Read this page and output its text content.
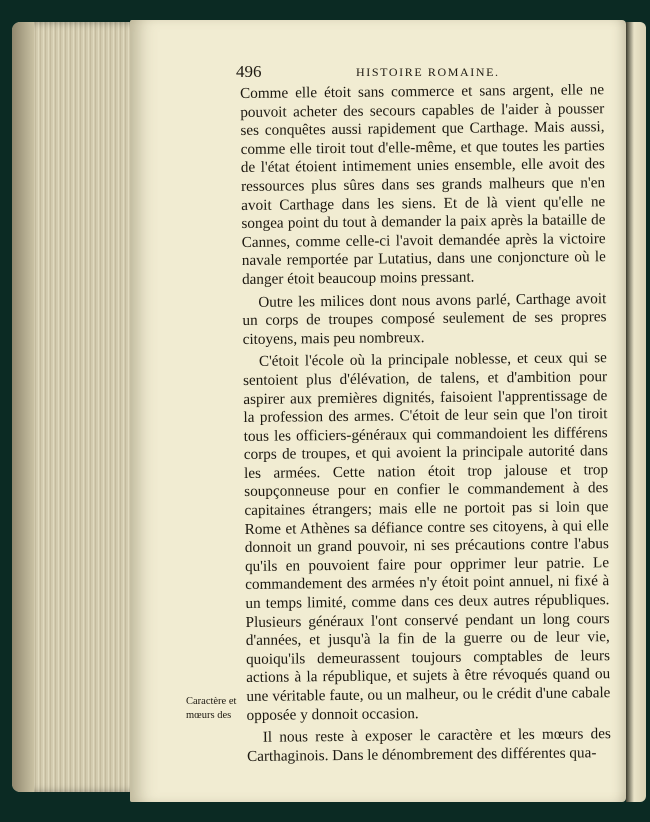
496	HISTOIRE ROMAINE.

Comme elle étoit sans commerce et sans argent, elle ne pouvoit acheter des secours capables de l'aider à pousser ses conquêtes aussi rapidement que Carthage. Mais aussi, comme elle tiroit tout d'elle-même, et que toutes les parties de l'état étoient intimement unies ensemble, elle avoit des ressources plus sûres dans ses grands malheurs que n'en avoit Carthage dans les siens. Et de là vient qu'elle ne songea point du tout à demander la paix après la bataille de Cannes, comme celle-ci l'avoit demandée après la victoire navale remportée par Lutatius, dans une conjoncture où le danger étoit beaucoup moins pressant.

Outre les milices dont nous avons parlé, Carthage avoit un corps de troupes composé seulement de ses propres citoyens, mais peu nombreux.

C'étoit l'école où la principale noblesse, et ceux qui se sentoient plus d'élévation, de talens, et d'ambition pour aspirer aux premières dignités, faisoient l'apprentissage de la profession des armes. C'étoit de leur sein que l'on tiroit tous les officiers-généraux qui commandoient les différens corps de troupes, et qui avoient la principale autorité dans les armées. Cette nation étoit trop jalouse et trop soupçonneuse pour en confier le commandement à des capitaines étrangers; mais elle ne portoit pas si loin que Rome et Athènes sa défiance contre ses citoyens, à qui elle donnoit un grand pouvoir, ni ses précautions contre l'abus qu'ils en pouvoient faire pour opprimer leur patrie. Le commandement des armées n'y étoit point annuel, ni fixé à un temps limité, comme dans ces deux autres républiques. Plusieurs généraux l'ont conservé pendant un long cours d'années, et jusqu'à la fin de la guerre ou de leur vie, quoiqu'ils demeurassent toujours comptables de leurs actions à la république, et sujets à être révoqués quand ou une véritable faute, ou un malheur, ou le crédit d'une cabale opposée y donnoit occasion.

Il nous reste à exposer le caractère et les mœurs des Carthaginois. Dans le dénombrement des différentes qua-

Caractère et
mœurs des
